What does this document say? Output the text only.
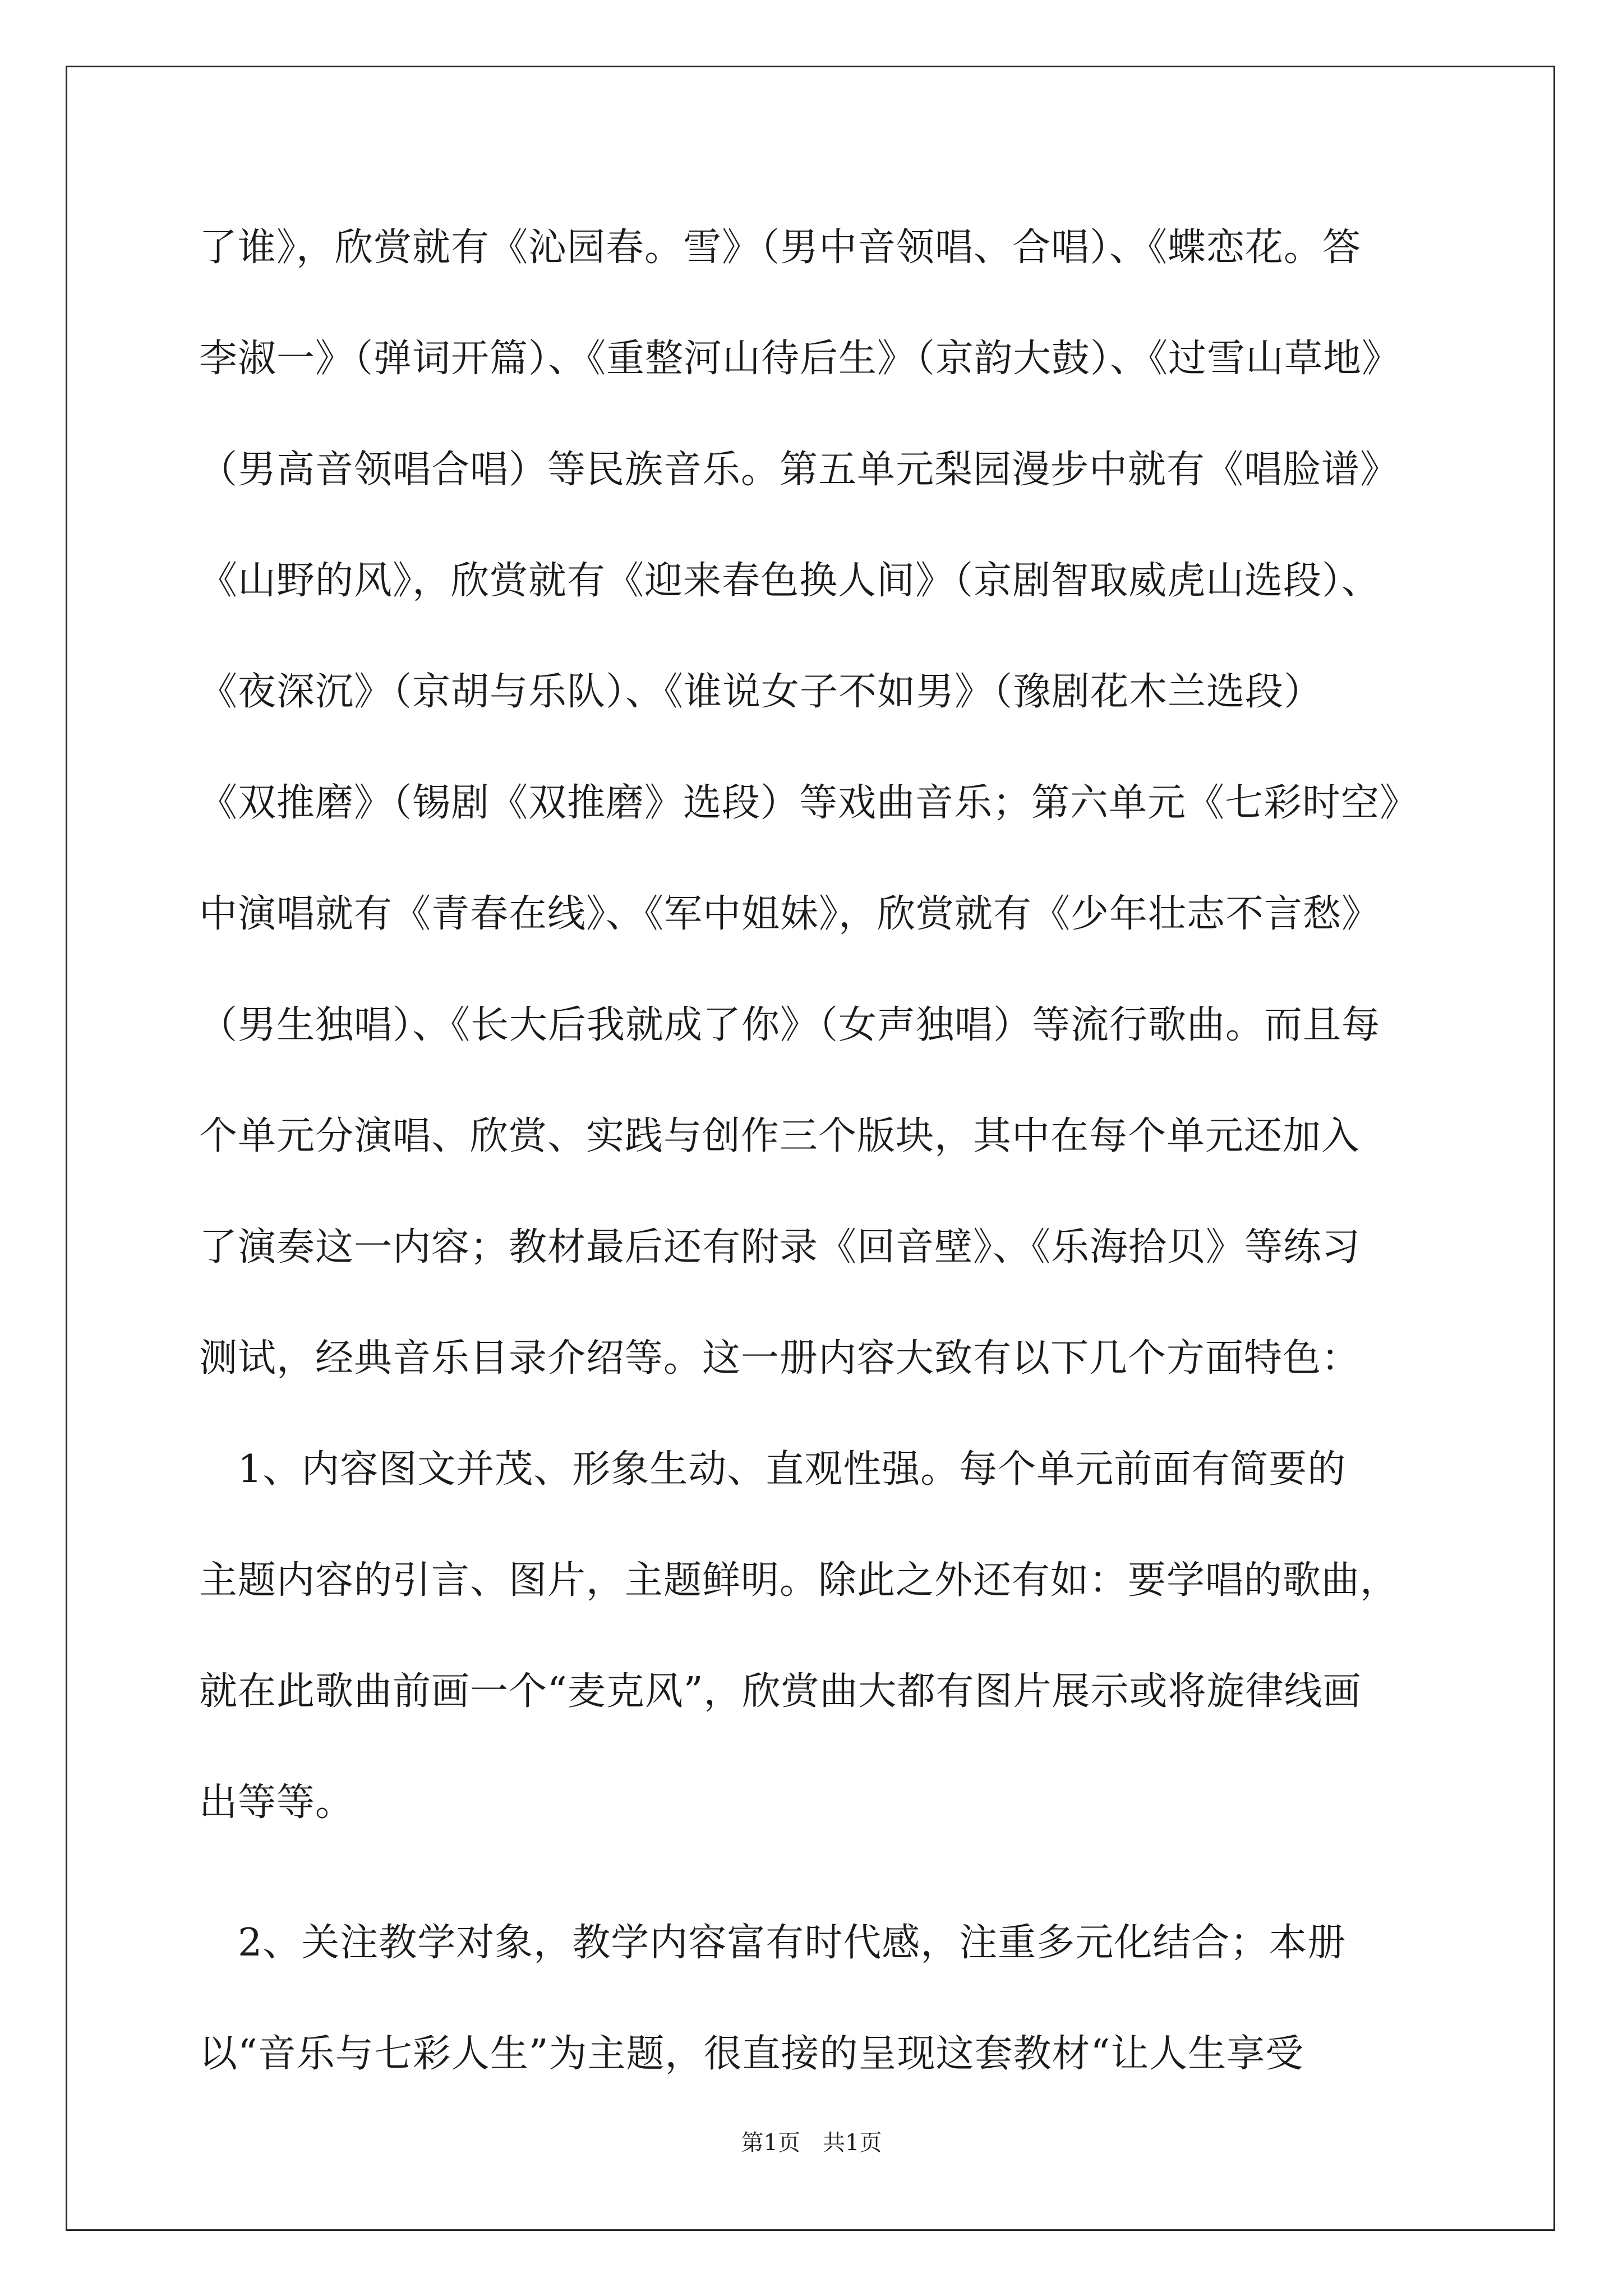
了谁》，欣赏就有《沁园春。雪》（男中音领唱、合唱）、《蝶恋花。答
李淑一》（弹词开篇）、《重整河山待后生》（京韵大鼓）、《过雪山草地》
（男高音领唱合唱）等民族音乐。第五单元梨园漫步中就有《唱脸谱》
《山野的风》，欣赏就有《迎来春色换人间》（京剧智取威虎山选段）、
《夜深沉》（京胡与乐队）、《谁说女子不如男》（豫剧花木兰选段）
《双推磨》（锡剧《双推磨》选段）等戏曲音乐；第六单元《七彩时空》
中演唱就有《青春在线》、《军中姐妹》，欣赏就有《少年壮志不言愁》
（男生独唱）、《长大后我就成了你》（女声独唱）等流行歌曲。而且每
个单元分演唱、欣赏、实践与创作三个版块，其中在每个单元还加入
了演奏这一内容；教材最后还有附录《回音壁》、《乐海拾贝》等练习
测试，经典音乐目录介绍等。这一册内容大致有以下几个方面特色：
　1、内容图文并茂、形象生动、直观性强。每个单元前面有简要的
主题内容的引言、图片，主题鲜明。除此之外还有如：要学唱的歌曲，
就在此歌曲前画一个“麦克风”，欣赏曲大都有图片展示或将旋律线画
出等等。
　2、关注教学对象，教学内容富有时代感，注重多元化结合；本册
以“音乐与七彩人生”为主题，很直接的呈现这套教材“让人生享受
第1页 共1页
